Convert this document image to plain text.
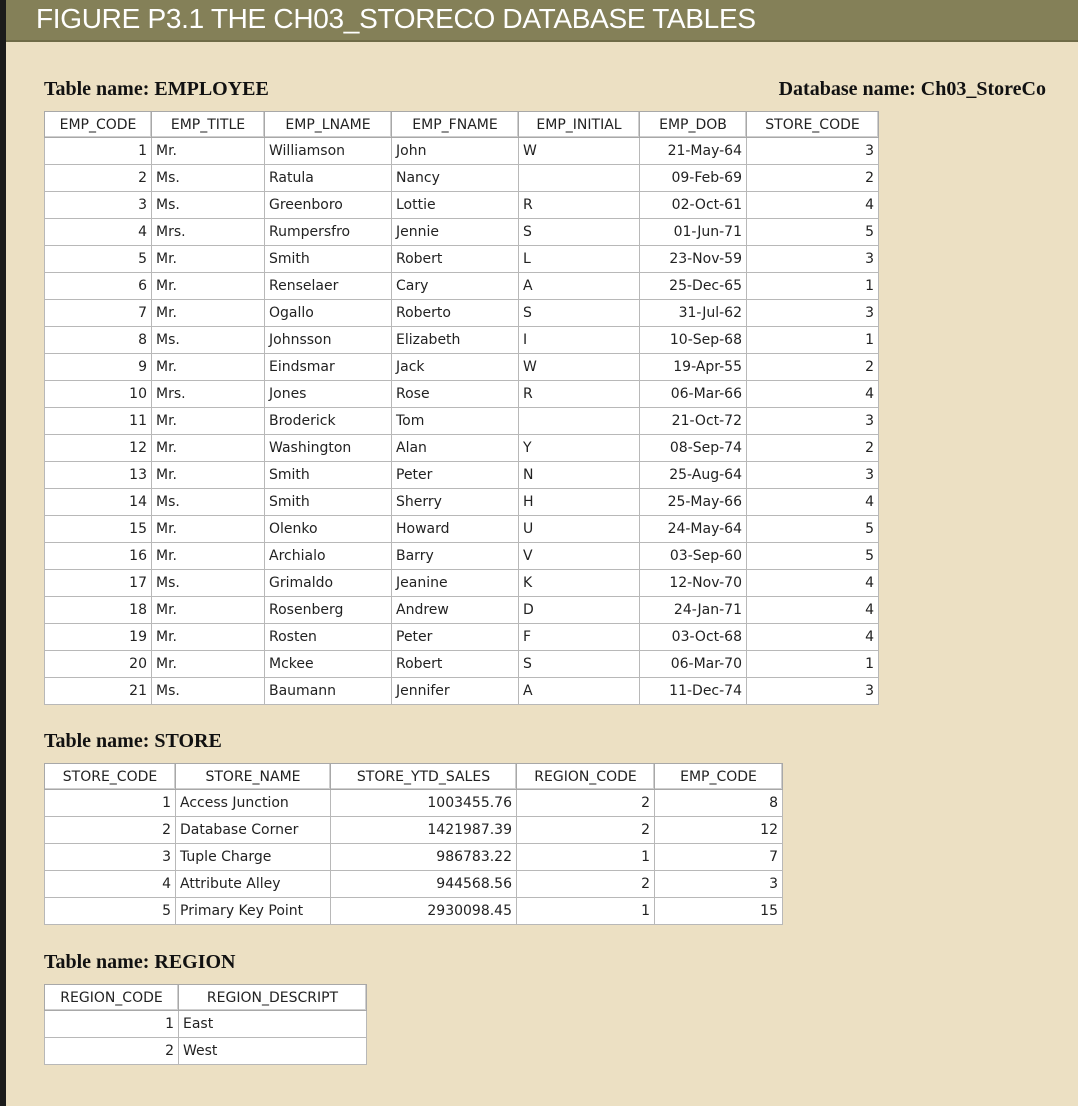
FIGURE P3.1 THE CH03_STORECO DATABASE TABLES
Table name: EMPLOYEE	Database name: Ch03_StoreCo
EMP_CODE	EMP_TITLE	EMP_LNAME	EMP_FNAME	EMP_INITIAL	EMP_DOB	STORE_CODE
1	Mr.	Williamson	John	W	21-May-64	3
2	Ms.	Ratula	Nancy		09-Feb-69	2
3	Ms.	Greenboro	Lottie	R	02-Oct-61	4
4	Mrs.	Rumpersfro	Jennie	S	01-Jun-71	5
5	Mr.	Smith	Robert	L	23-Nov-59	3
6	Mr.	Renselaer	Cary	A	25-Dec-65	1
7	Mr.	Ogallo	Roberto	S	31-Jul-62	3
8	Ms.	Johnsson	Elizabeth	I	10-Sep-68	1
9	Mr.	Eindsmar	Jack	W	19-Apr-55	2
10	Mrs.	Jones	Rose	R	06-Mar-66	4
11	Mr.	Broderick	Tom		21-Oct-72	3
12	Mr.	Washington	Alan	Y	08-Sep-74	2
13	Mr.	Smith	Peter	N	25-Aug-64	3
14	Ms.	Smith	Sherry	H	25-May-66	4
15	Mr.	Olenko	Howard	U	24-May-64	5
16	Mr.	Archialo	Barry	V	03-Sep-60	5
17	Ms.	Grimaldo	Jeanine	K	12-Nov-70	4
18	Mr.	Rosenberg	Andrew	D	24-Jan-71	4
19	Mr.	Rosten	Peter	F	03-Oct-68	4
20	Mr.	Mckee	Robert	S	06-Mar-70	1
21	Ms.	Baumann	Jennifer	A	11-Dec-74	3
Table name: STORE
STORE_CODE	STORE_NAME	STORE_YTD_SALES	REGION_CODE	EMP_CODE
1	Access Junction	1003455.76	2	8
2	Database Corner	1421987.39	2	12
3	Tuple Charge	986783.22	1	7
4	Attribute Alley	944568.56	2	3
5	Primary Key Point	2930098.45	1	15
Table name: REGION
REGION_CODE	REGION_DESCRIPT
1	East
2	West
